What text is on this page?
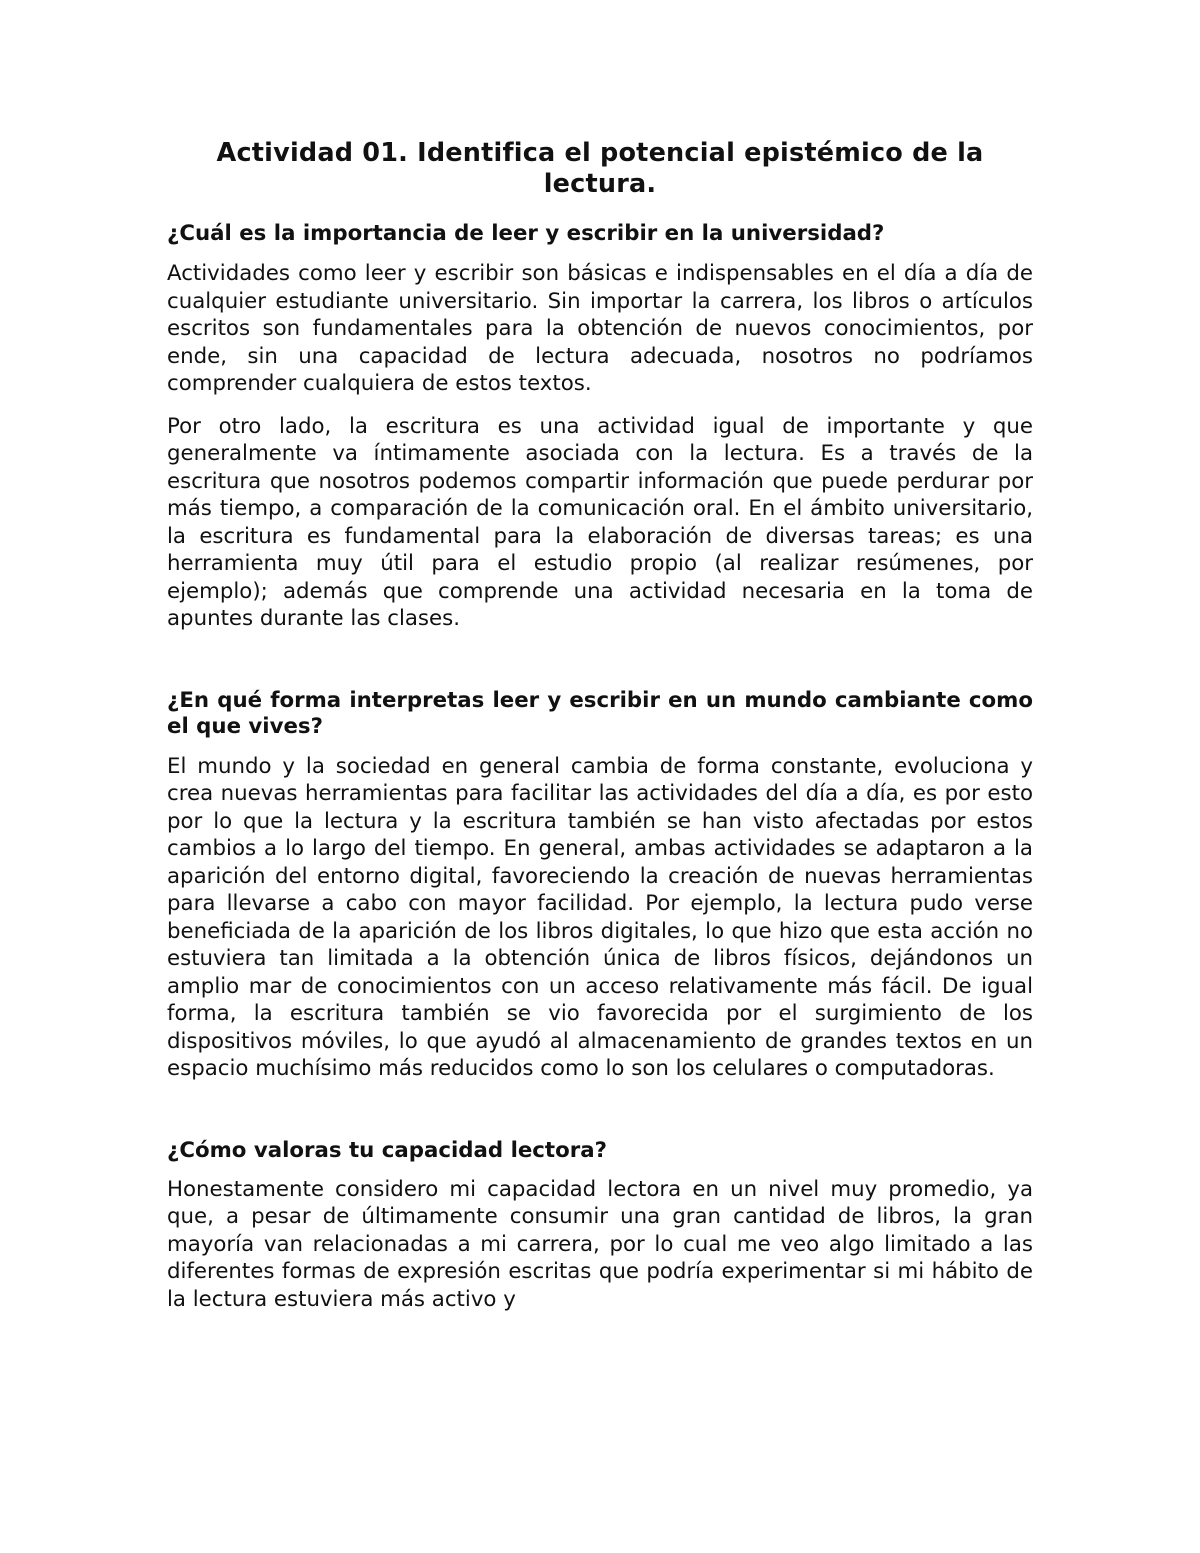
Actividad 01. Identifica el potencial epistémico de la lectura.

¿Cuál es la importancia de leer y escribir en la universidad?

Actividades como leer y escribir son básicas e indispensables en el día a día de cualquier estudiante universitario. Sin importar la carrera, los libros o artículos escritos son fundamentales para la obtención de nuevos conocimientos, por ende, sin una capacidad de lectura adecuada, nosotros no podríamos comprender cualquiera de estos textos.

Por otro lado, la escritura es una actividad igual de importante y que generalmente va íntimamente asociada con la lectura. Es a través de la escritura que nosotros podemos compartir información que puede perdurar por más tiempo, a comparación de la comunicación oral. En el ámbito universitario, la escritura es fundamental para la elaboración de diversas tareas; es una herramienta muy útil para el estudio propio (al realizar resúmenes, por ejemplo); además que comprende una actividad necesaria en la toma de apuntes durante las clases.

¿En qué forma interpretas leer y escribir en un mundo cambiante como el que vives?

El mundo y la sociedad en general cambia de forma constante, evoluciona y crea nuevas herramientas para facilitar las actividades del día a día, es por esto por lo que la lectura y la escritura también se han visto afectadas por estos cambios a lo largo del tiempo. En general, ambas actividades se adaptaron a la aparición del entorno digital, favoreciendo la creación de nuevas herramientas para llevarse a cabo con mayor facilidad. Por ejemplo, la lectura pudo verse beneficiada de la aparición de los libros digitales, lo que hizo que esta acción no estuviera tan limitada a la obtención única de libros físicos, dejándonos un amplio mar de conocimientos con un acceso relativamente más fácil. De igual forma, la escritura también se vio favorecida por el surgimiento de los dispositivos móviles, lo que ayudó al almacenamiento de grandes textos en un espacio muchísimo más reducidos como lo son los celulares o computadoras.

¿Cómo valoras tu capacidad lectora?

Honestamente considero mi capacidad lectora en un nivel muy promedio, ya que, a pesar de últimamente consumir una gran cantidad de libros, la gran mayoría van relacionadas a mi carrera, por lo cual me veo algo limitado a las diferentes formas de expresión escritas que podría experimentar si mi hábito de la lectura estuviera más activo y
